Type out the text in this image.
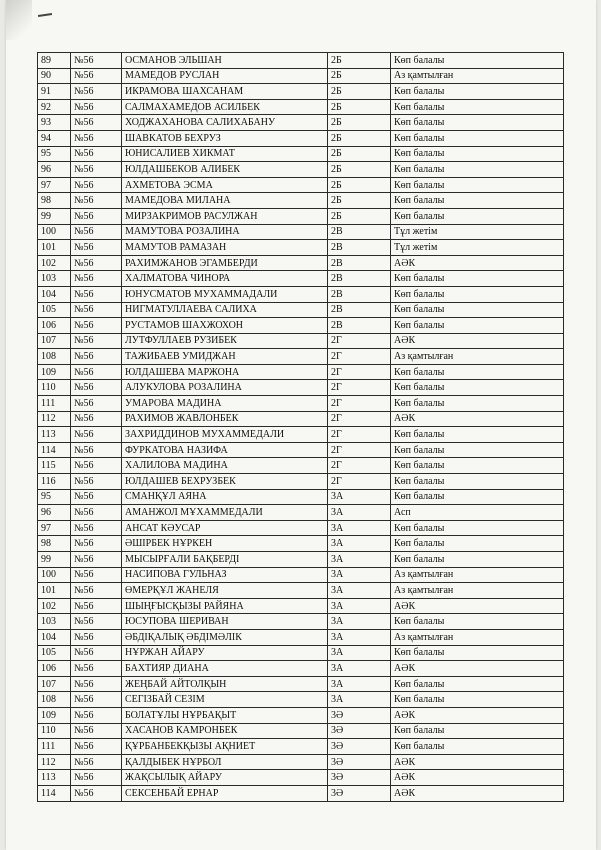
89	№56	ОСМАНОВ ЭЛЬШАН	2Б	Көп балалы
90	№56	МАМЕДОВ РУСЛАН	2Б	Аз қамтылған
91	№56	ИКРАМОВА ШАХСАНАМ	2Б	Көп балалы
92	№56	САЛМАХАМЕДОВ АСИЛБЕК	2Б	Көп балалы
93	№56	ХОДЖАХАНОВА САЛИХАБАНУ	2Б	Көп балалы
94	№56	ШАВКАТОВ БЕХРУЗ	2Б	Көп балалы
95	№56	ЮНИСАЛИЕВ ХИКМАТ	2Б	Көп балалы
96	№56	ЮЛДАШБЕКОВ АЛИБЕК	2Б	Көп балалы
97	№56	АХМЕТОВА ЭСМА	2Б	Көп балалы
98	№56	МАМЕДОВА МИЛАНА	2Б	Көп балалы
99	№56	МИРЗАКРИМОВ РАСУЛЖАН	2Б	Көп балалы
100	№56	МАМУТОВА РОЗАЛИНА	2В	Тұл жетім
101	№56	МАМУТОВ РАМАЗАН	2В	Тұл жетім
102	№56	РАХИМЖАНОВ ЭГАМБЕРДИ	2В	АӘК
103	№56	ХАЛМАТОВА ЧИНОРА	2В	Көп балалы
104	№56	ЮНУСМАТОВ МУХАММАДАЛИ	2В	Көп балалы
105	№56	НИГМАТУЛЛАЕВА САЛИХА	2В	Көп балалы
106	№56	РУСТАМОВ ШАХЖОХОН	2В	Көп балалы
107	№56	ЛУТФУЛЛАЕВ РУЗИБЕК	2Г	АӘК
108	№56	ТАЖИБАЕВ УМИДЖАН	2Г	Аз қамтылған
109	№56	ЮЛДАШЕВА МАРЖОНА	2Г	Көп балалы
110	№56	АЛУКУЛОВА РОЗАЛИНА	2Г	Көп балалы
111	№56	УМАРОВА МАДИНА	2Г	Көп балалы
112	№56	РАХИМОВ ЖАВЛОНБЕК	2Г	АӘК
113	№56	ЗАХРИДДИНОВ МУХАММЕДАЛИ	2Г	Көп балалы
114	№56	ФУРКАТОВА НАЗИФА	2Г	Көп балалы
115	№56	ХАЛИЛОВА МАДИНА	2Г	Көп балалы
116	№56	ЮЛДАШЕВ БЕХРУЗБЕК	2Г	Көп балалы
95	№56	СМАНҚҰЛ АЯНА	3А	Көп балалы
96	№56	АМАНЖОЛ МҰХАММЕДАЛИ	3А	Асп
97	№56	АНСАТ КӘУСАР	3А	Көп балалы
98	№56	ӘШІРБЕК НҰРКЕН	3А	Көп балалы
99	№56	МЫСЫРҒАЛИ БАҚБЕРДІ	3А	Көп балалы
100	№56	НАСИПОВА ГУЛЬНАЗ	3А	Аз қамтылған
101	№56	ӨМЕРҚҰЛ ЖАНЕЛЯ	3А	Аз қамтылған
102	№56	ШЫҢҒЫСҚЫЗЫ РАЙЯНА	3А	АӘК
103	№56	ЮСУПОВА ШЕРИВАН	3А	Көп балалы
104	№56	ӘБДІҚАЛЫҚ ӘБДІМӘЛІК	3А	Аз қамтылған
105	№56	НҰРЖАН АЙАРУ	3А	Көп балалы
106	№56	БАХТИЯР ДИАНА	3А	АӘК
107	№56	ЖЕҢБАЙ АЙТОЛҚЫН	3А	Көп балалы
108	№56	СЕГІЗБАЙ СЕЗІМ	3А	Көп балалы
109	№56	БОЛАТҰЛЫ НҰРБАҚЫТ	3Ә	АӘК
110	№56	ХАСАНОВ КАМРОНБЕК	3Ә	Көп балалы
111	№56	ҚҰРБАНБЕКҚЫЗЫ АҚНИЕТ	3Ә	Көп балалы
112	№56	ҚАЛДЫБЕК НҰРБОЛ	3Ә	АӘК
113	№56	ЖАҚСЫЛЫҚ АЙАРУ	3Ә	АӘК
114	№56	СЕКСЕНБАЙ ЕРНАР	3Ә	АӘК
